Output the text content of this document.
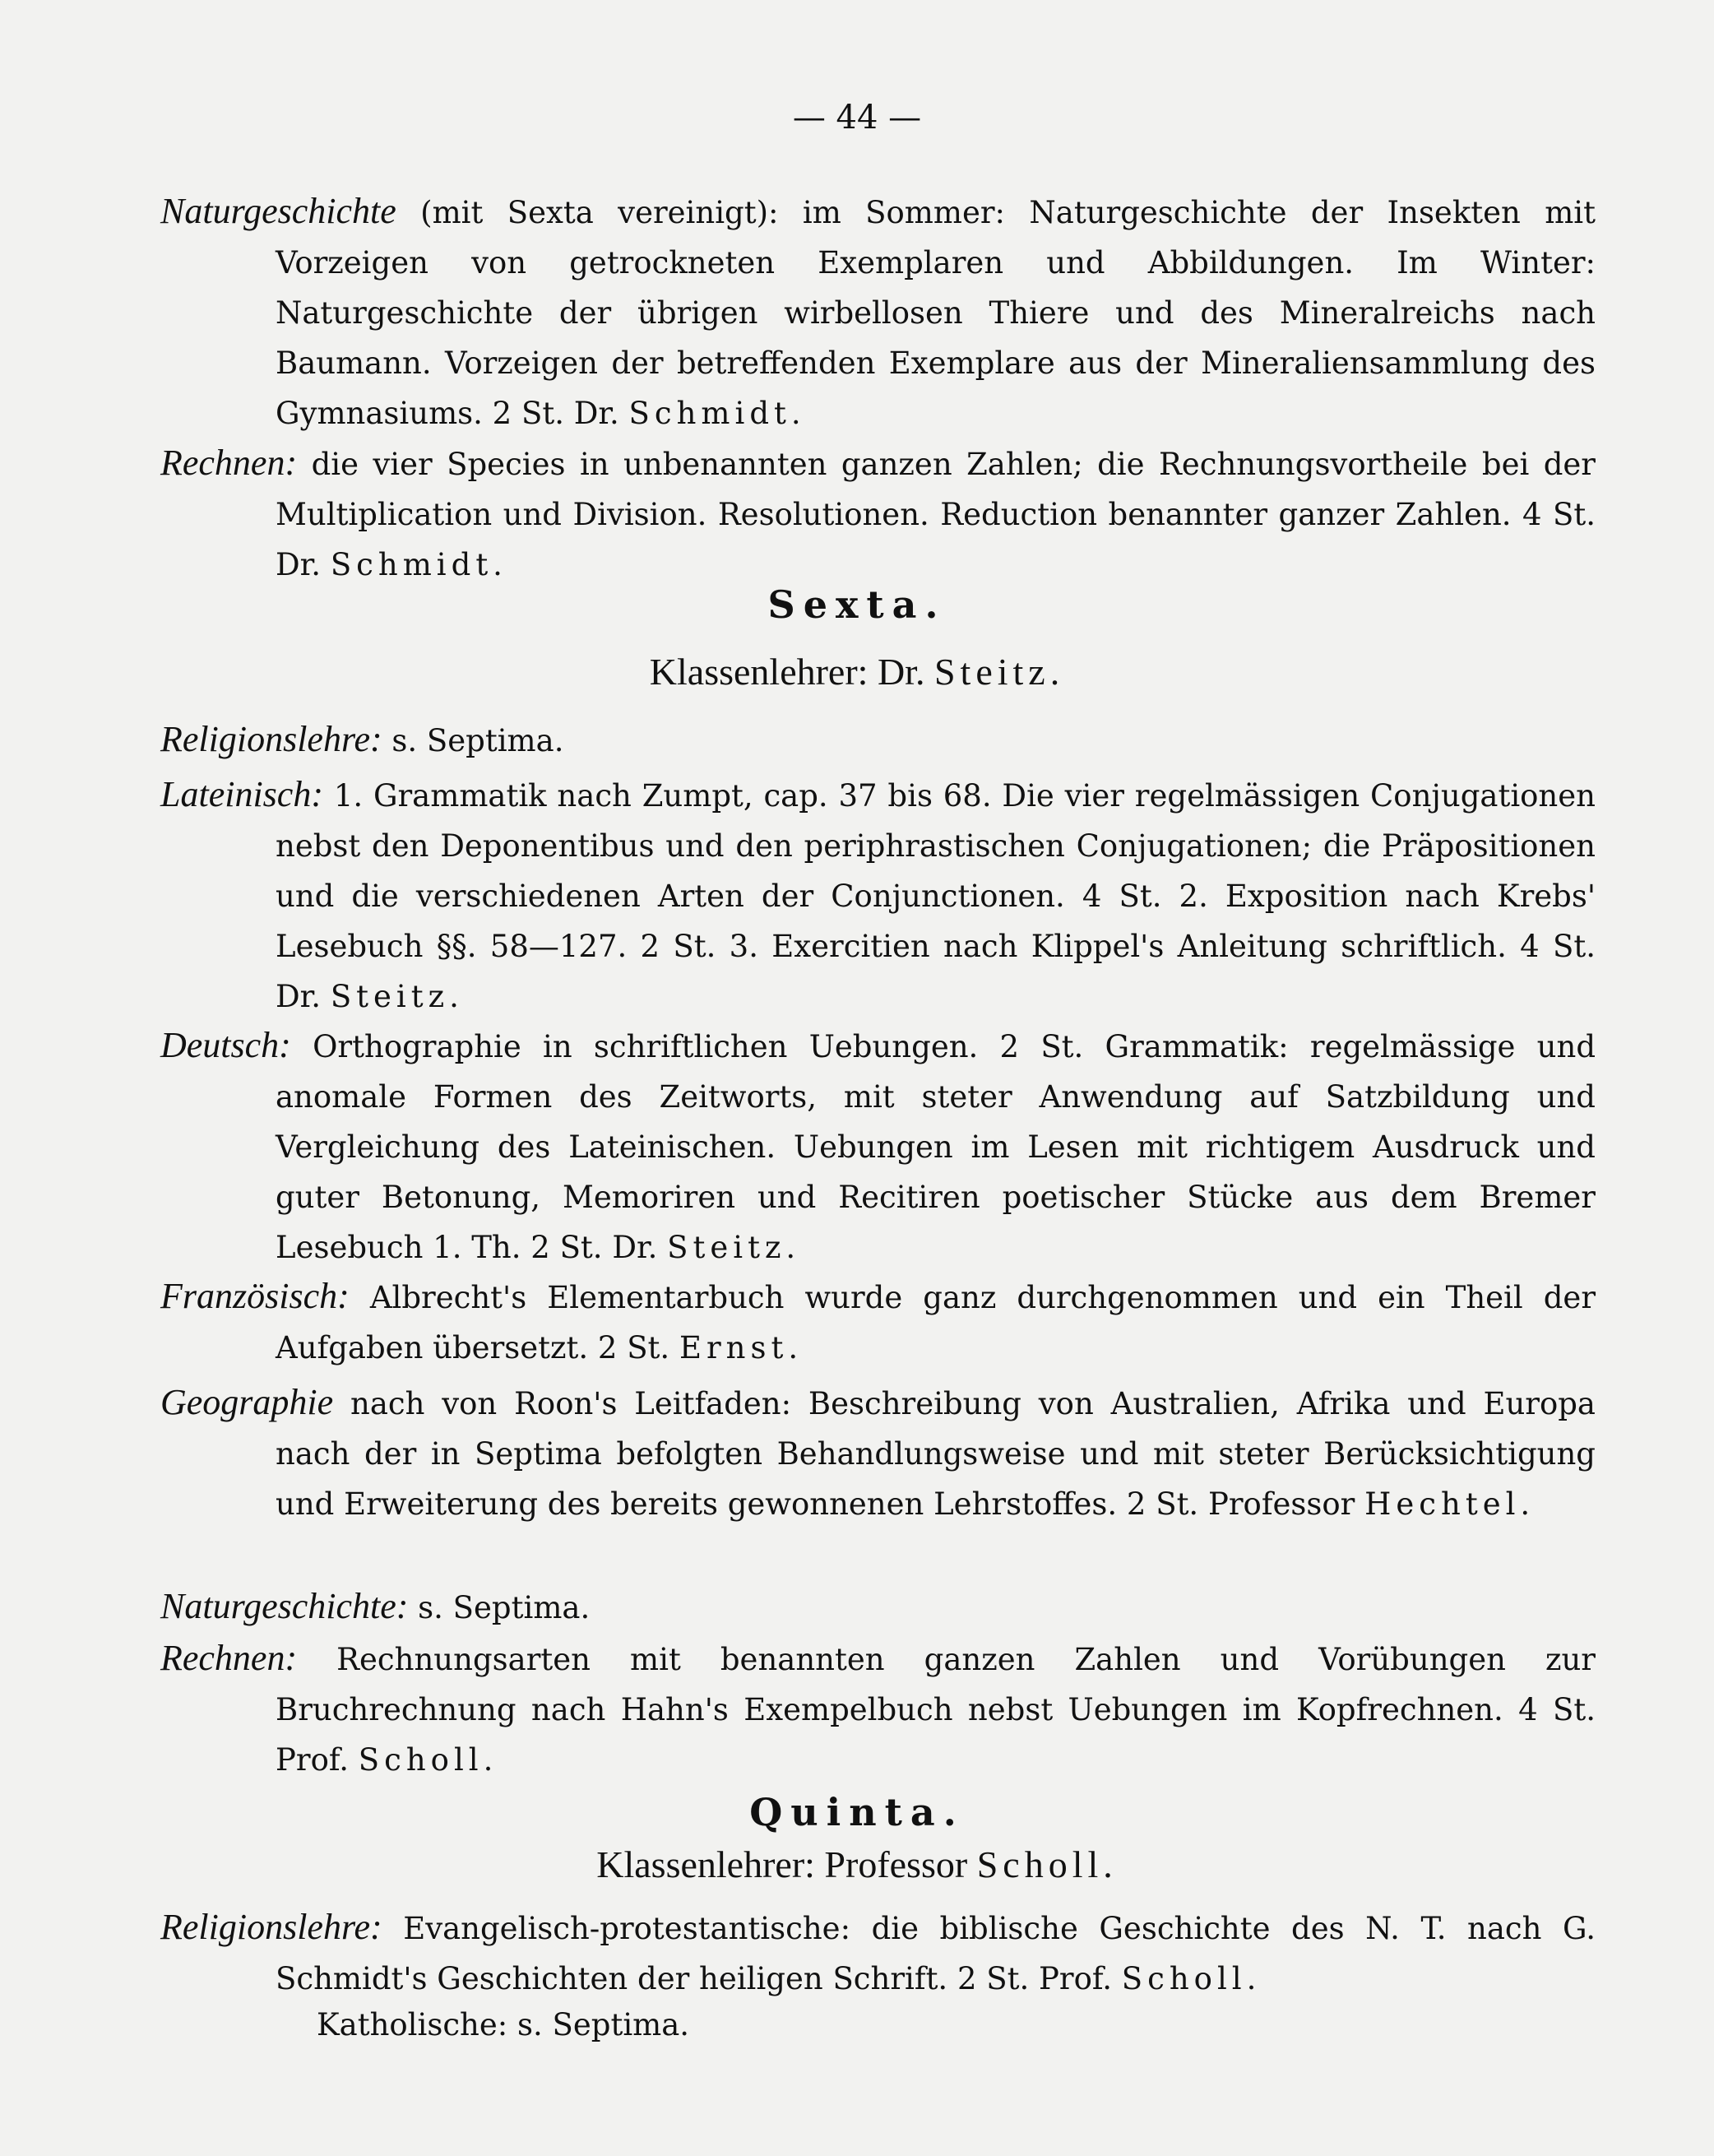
— 44 —
Naturgeschichte (mit Sexta vereinigt): im Sommer: Naturgeschichte der Insekten mit Vorzeigen von getrockneten Exemplaren und Abbildungen. Im Winter: Naturgeschichte der übrigen wirbellosen Thiere und des Mineralreichs nach Baumann. Vorzeigen der betreffenden Exemplare aus der Mineraliensammlung des Gymnasiums. 2 St. Dr. Schmidt.
Rechnen: die vier Species in unbenannten ganzen Zahlen; die Rechnungsvortheile bei der Multiplication und Division. Resolutionen. Reduction benannter ganzer Zahlen. 4 St. Dr. Schmidt.
Sexta.
Klassenlehrer: Dr. Steitz.
Religionslehre: s. Septima.
Lateinisch: 1. Grammatik nach Zumpt, cap. 37 bis 68. Die vier regelmässigen Conjugationen nebst den Deponentibus und den periphrastischen Conjugationen; die Präpositionen und die verschiedenen Arten der Conjunctionen. 4 St. 2. Exposition nach Krebs' Lesebuch §§. 58—127. 2 St. 3. Exercitien nach Klippel's Anleitung schriftlich. 4 St. Dr. Steitz.
Deutsch: Orthographie in schriftlichen Uebungen. 2 St. Grammatik: regelmässige und anomale Formen des Zeitworts, mit steter Anwendung auf Satzbildung und Vergleichung des Lateinischen. Uebungen im Lesen mit richtigem Ausdruck und guter Betonung, Memoriren und Recitiren poetischer Stücke aus dem Bremer Lesebuch 1. Th. 2 St. Dr. Steitz.
Französisch: Albrecht's Elementarbuch wurde ganz durchgenommen und ein Theil der Aufgaben übersetzt. 2 St. Ernst.
Geographie nach von Roon's Leitfaden: Beschreibung von Australien, Afrika und Europa nach der in Septima befolgten Behandlungsweise und mit steter Berücksichtigung und Erweiterung des bereits gewonnenen Lehrstoffes. 2 St. Professor Hechtel.
Naturgeschichte: s. Septima.
Rechnen: Rechnungsarten mit benannten ganzen Zahlen und Vorübungen zur Bruchrechnung nach Hahn's Exempelbuch nebst Uebungen im Kopfrechnen. 4 St. Prof. Scholl.
Quinta.
Klassenlehrer: Professor Scholl.
Religionslehre: Evangelisch-protestantische: die biblische Geschichte des N. T. nach G. Schmidt's Geschichten der heiligen Schrift. 2 St. Prof. Scholl.
Katholische: s. Septima.
